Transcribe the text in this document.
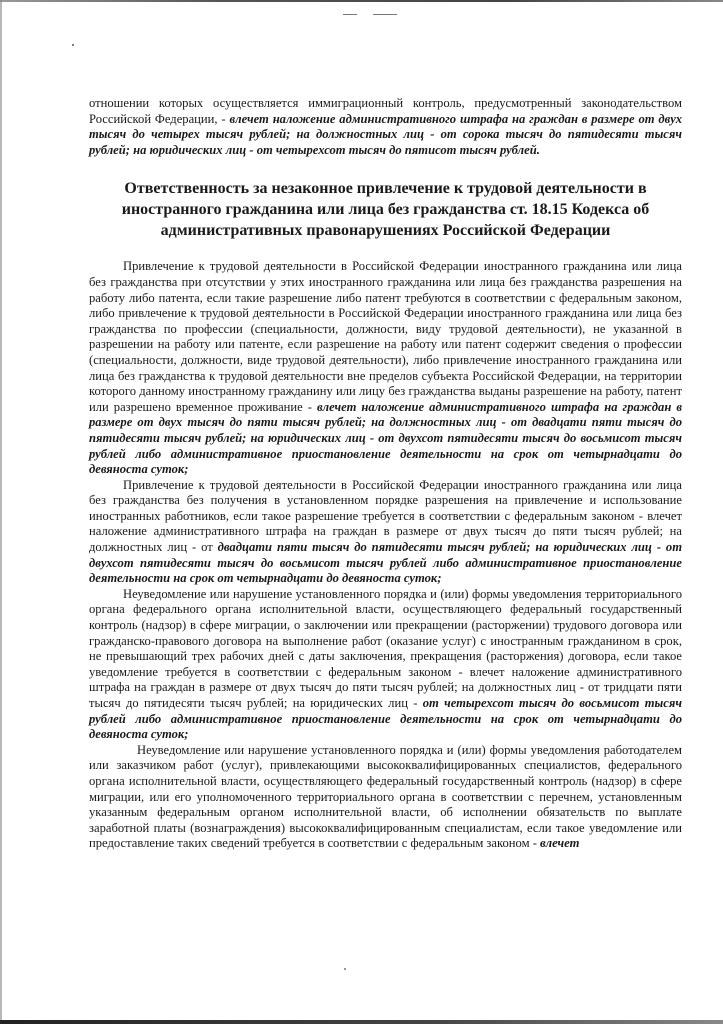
отношении которых осуществляется иммиграционный контроль, предусмотренный законодательством Российской Федерации, - влечет наложение административного штрафа на граждан в размере от двух тысяч до четырех тысяч рублей; на должностных лиц - от сорока тысяч до пятидесяти тысяч рублей; на юридических лиц - от четырехсот тысяч до пятисот тысяч рублей.

Ответственность за незаконное привлечение к трудовой деятельности в иностранного гражданина или лица без гражданства ст. 18.15 Кодекса об административных правонарушениях Российской Федерации

Привлечение к трудовой деятельности в Российской Федерации иностранного гражданина или лица без гражданства при отсутствии у этих иностранного гражданина или лица без гражданства разрешения на работу либо патента, если такие разрешение либо патент требуются в соответствии с федеральным законом, либо привлечение к трудовой деятельности в Российской Федерации иностранного гражданина или лица без гражданства по профессии (специальности, должности, виду трудовой деятельности), не указанной в разрешении на работу или патенте, если разрешение на работу или патент содержит сведения о профессии (специальности, должности, виде трудовой деятельности), либо привлечение иностранного гражданина или лица без гражданства к трудовой деятельности вне пределов субъекта Российской Федерации, на территории которого данному иностранному гражданину или лицу без гражданства выданы разрешение на работу, патент или разрешено временное проживание - влечет наложение административного штрафа на граждан в размере от двух тысяч до пяти тысяч рублей; на должностных лиц - от двадцати пяти тысяч до пятидесяти тысяч рублей; на юридических лиц - от двухсот пятидесяти тысяч до восьмисот тысяч рублей либо административное приостановление деятельности на срок от четырнадцати до девяноста суток;

Привлечение к трудовой деятельности в Российской Федерации иностранного гражданина или лица без гражданства без получения в установленном порядке разрешения на привлечение и использование иностранных работников, если такое разрешение требуется в соответствии с федеральным законом - влечет наложение административного штрафа на граждан в размере от двух тысяч до пяти тысяч рублей; на должностных лиц - от двадцати пяти тысяч до пятидесяти тысяч рублей; на юридических лиц - от двухсот пятидесяти тысяч до восьмисот тысяч рублей либо административное приостановление деятельности на срок от четырнадцати до девяноста суток;

Неуведомление или нарушение установленного порядка и (или) формы уведомления территориального органа федерального органа исполнительной власти, осуществляющего федеральный государственный контроль (надзор) в сфере миграции, о заключении или прекращении (расторжении) трудового договора или гражданско-правового договора на выполнение работ (оказание услуг) с иностранным гражданином в срок, не превышающий трех рабочих дней с даты заключения, прекращения (расторжения) договора, если такое уведомление требуется в соответствии с федеральным законом - влечет наложение административного штрафа на граждан в размере от двух тысяч до пяти тысяч рублей; на должностных лиц - от тридцати пяти тысяч до пятидесяти тысяч рублей; на юридических лиц - от четырехсот тысяч до восьмисот тысяч рублей либо административное приостановление деятельности на срок от четырнадцати до девяноста суток;

Неуведомление или нарушение установленного порядка и (или) формы уведомления работодателем или заказчиком работ (услуг), привлекающими высококвалифицированных специалистов, федерального органа исполнительной власти, осуществляющего федеральный государственный контроль (надзор) в сфере миграции, или его уполномоченного территориального органа в соответствии с перечнем, установленным указанным федеральным органом исполнительной власти, об исполнении обязательств по выплате заработной платы (вознаграждения) высококвалифицированным специалистам, если такое уведомление или предоставление таких сведений требуется в соответствии с федеральным законом - влечет
